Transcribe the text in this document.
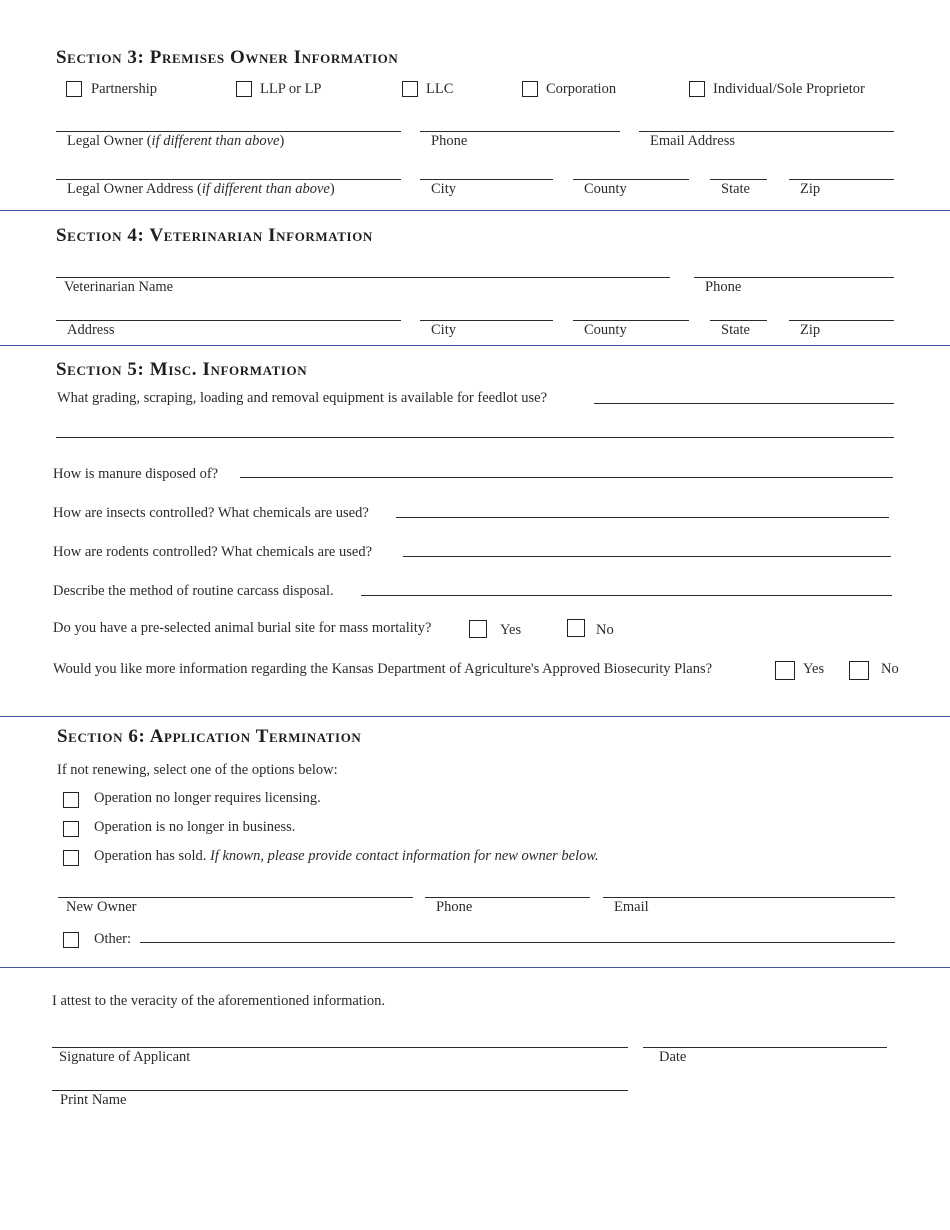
Section 3: Premises Owner Information
Partnership	LLP or LP	LLC	Corporation	Individual/Sole Proprietor
Legal Owner (if different than above)	Phone	Email Address
Legal Owner Address (if different than above)	City	County	State	Zip
Section 4: Veterinarian Information
Veterinarian Name	Phone
Address	City	County	State	Zip
Section 5: Misc. Information
What grading, scraping, loading and removal equipment is available for feedlot use?
How is manure disposed of?
How are insects controlled? What chemicals are used?
How are rodents controlled? What chemicals are used?
Describe the method of routine carcass disposal.
Do you have a pre-selected animal burial site for mass mortality?	Yes	No
Would you like more information regarding the Kansas Department of Agriculture's Approved Biosecurity Plans?	Yes	No
Section 6: Application Termination
If not renewing, select one of the options below:
Operation no longer requires licensing.
Operation is no longer in business.
Operation has sold. If known, please provide contact information for new owner below.
New Owner	Phone	Email
Other:
I attest to the veracity of the aforementioned information.
Signature of Applicant	Date
Print Name
